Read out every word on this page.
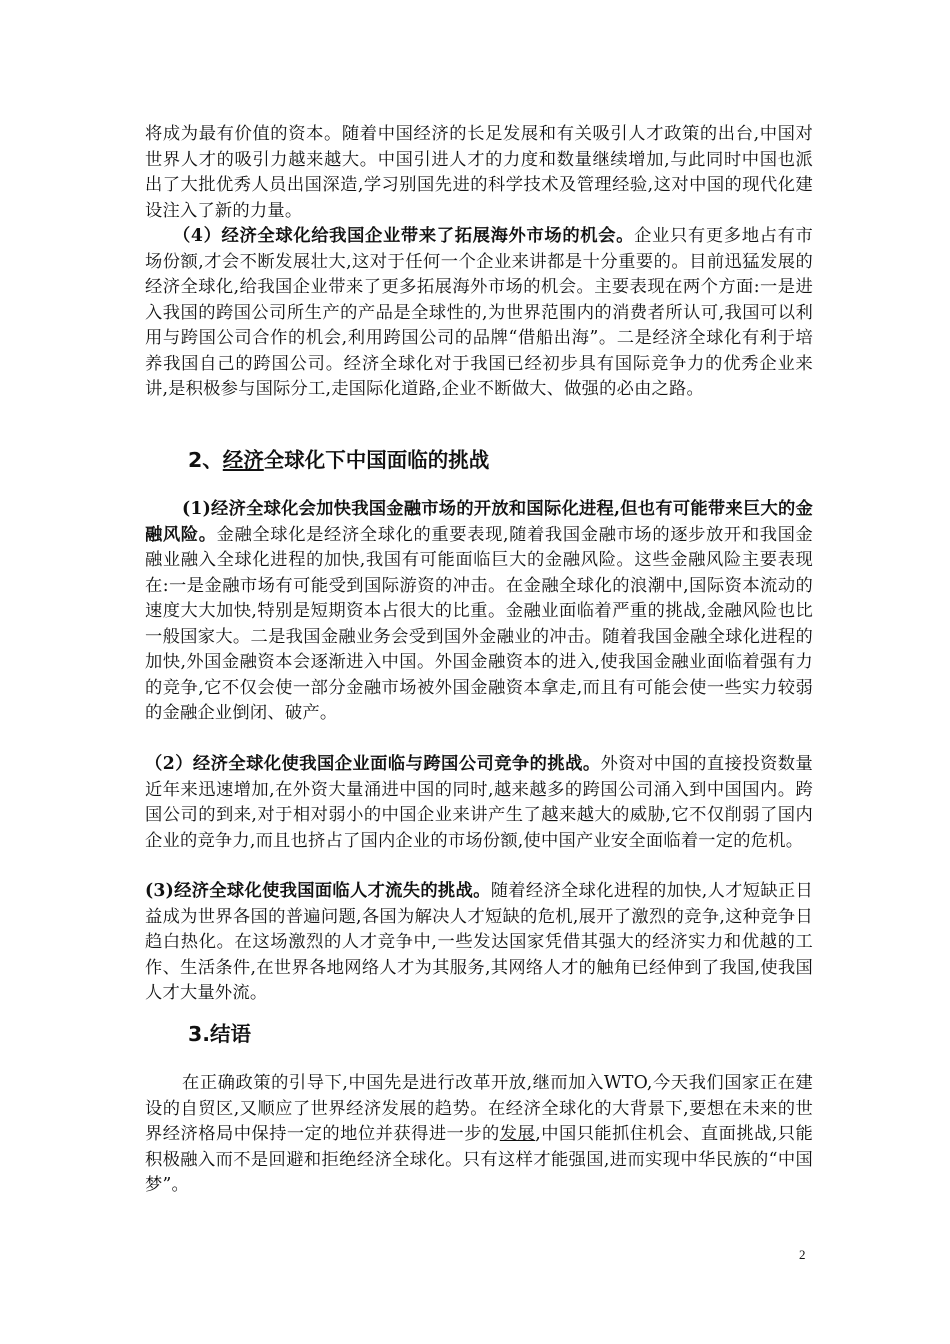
将成为最有价值的资本。随着中国经济的长足发展和有关吸引人才政策的出台,中国对世界人才的吸引力越来越大。中国引进人才的力度和数量继续增加,与此同时中国也派出了大批优秀人员出国深造,学习别国先进的科学技术及管理经验,这对中国的现代化建设注入了新的力量。

（4）经济全球化给我国企业带来了拓展海外市场的机会。企业只有更多地占有市场份额,才会不断发展壮大,这对于任何一个企业来讲都是十分重要的。目前迅猛发展的经济全球化,给我国企业带来了更多拓展海外市场的机会。主要表现在两个方面:一是进入我国的跨国公司所生产的产品是全球性的,为世界范围内的消费者所认可,我国可以利用与跨国公司合作的机会,利用跨国公司的品牌“借船出海”。二是经济全球化有利于培养我国自己的跨国公司。经济全球化对于我国已经初步具有国际竞争力的优秀企业来讲,是积极参与国际分工,走国际化道路,企业不断做大、做强的必由之路。

2、经济全球化下中国面临的挑战

(1)经济全球化会加快我国金融市场的开放和国际化进程,但也有可能带来巨大的金融风险。金融全球化是经济全球化的重要表现,随着我国金融市场的逐步放开和我国金融业融入全球化进程的加快,我国有可能面临巨大的金融风险。这些金融风险主要表现在:一是金融市场有可能受到国际游资的冲击。在金融全球化的浪潮中,国际资本流动的速度大大加快,特别是短期资本占很大的比重。金融业面临着严重的挑战,金融风险也比一般国家大。二是我国金融业务会受到国外金融业的冲击。随着我国金融全球化进程的加快,外国金融资本会逐渐进入中国。外国金融资本的进入,使我国金融业面临着强有力的竞争,它不仅会使一部分金融市场被外国金融资本拿走,而且有可能会使一些实力较弱的金融企业倒闭、破产。

（2）经济全球化使我国企业面临与跨国公司竞争的挑战。外资对中国的直接投资数量近年来迅速增加,在外资大量涌进中国的同时,越来越多的跨国公司涌入到中国国内。跨国公司的到来,对于相对弱小的中国企业来讲产生了越来越大的威胁,它不仅削弱了国内企业的竞争力,而且也挤占了国内企业的市场份额,使中国产业安全面临着一定的危机。

(3)经济全球化使我国面临人才流失的挑战。随着经济全球化进程的加快,人才短缺正日益成为世界各国的普遍问题,各国为解决人才短缺的危机,展开了激烈的竞争,这种竞争日趋白热化。在这场激烈的人才竞争中,一些发达国家凭借其强大的经济实力和优越的工作、生活条件,在世界各地网络人才为其服务,其网络人才的触角已经伸到了我国,使我国人才大量外流。

3.结语

在正确政策的引导下,中国先是进行改革开放,继而加入WTO,今天我们国家正在建设的自贸区,又顺应了世界经济发展的趋势。在经济全球化的大背景下,要想在未来的世界经济格局中保持一定的地位并获得进一步的发展,中国只能抓住机会、直面挑战,只能积极融入而不是回避和拒绝经济全球化。只有这样才能强国,进而实现中华民族的“中国梦”。

2
